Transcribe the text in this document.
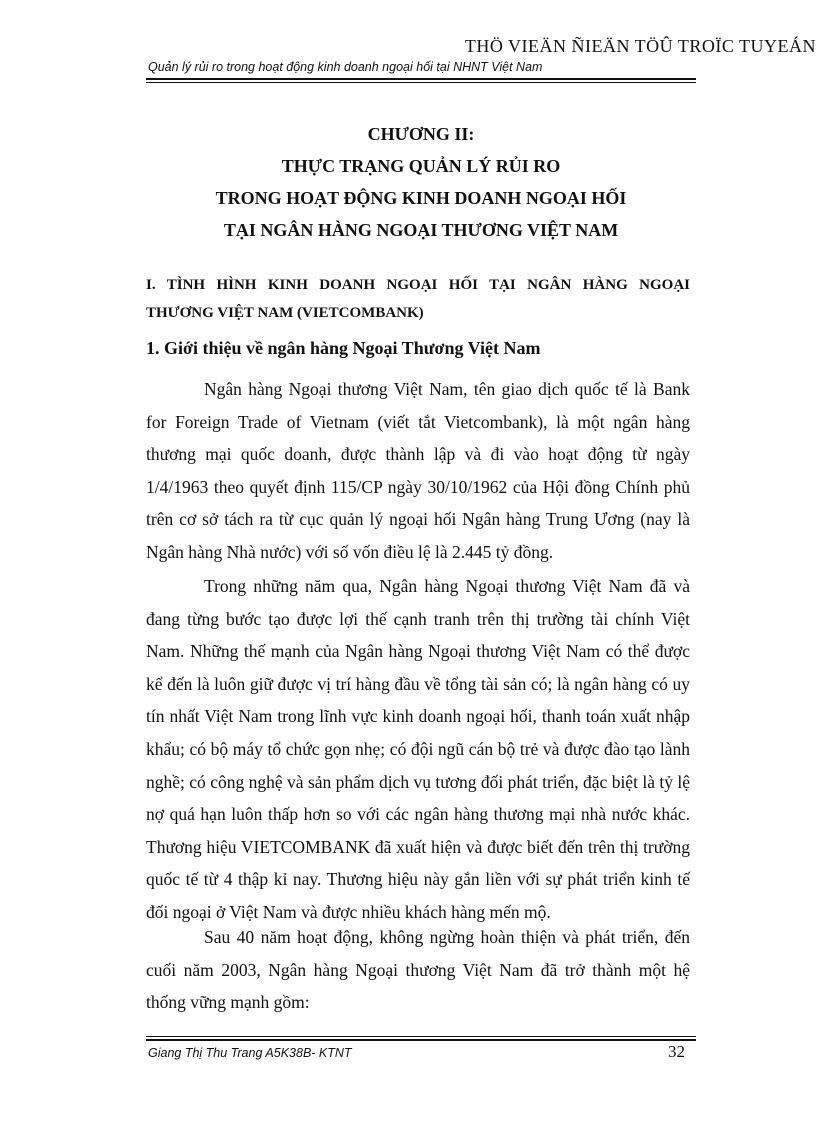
THÖ VIEÄN ÑIEÄN TÖÛ TROÏC TUYEÁN
Quản lý rủi ro trong hoạt động kinh doanh ngoại hối tại NHNT Việt Nam
CHƯƠNG II:
THỰC TRẠNG QUẢN LÝ RỦI RO
TRONG HOẠT ĐỘNG KINH DOANH NGOẠI HỐI
TẠI NGÂN HÀNG NGOẠI THƯƠNG VIỆT NAM
I. TÌNH HÌNH KINH DOANH NGOẠI HỐI TẠI NGÂN HÀNG NGOẠI
THƯƠNG VIỆT NAM (VIETCOMBANK)
1. Giới thiệu về ngân hàng Ngoại Thương Việt Nam

Ngân hàng Ngoại thương Việt Nam, tên giao dịch quốc tế là Bank for Foreign Trade of Vietnam (viết tắt Vietcombank), là một ngân hàng thương mại quốc doanh, được thành lập và đi vào hoạt động từ ngày 1/4/1963 theo quyết định 115/CP ngày 30/10/1962 của Hội đồng Chính phủ trên cơ sở tách ra từ cục quản lý ngoại hối Ngân hàng Trung Ương (nay là Ngân hàng Nhà nước) với số vốn điều lệ là 2.445 tỷ đồng.

Trong những năm qua, Ngân hàng Ngoại thương Việt Nam đã và đang từng bước tạo được lợi thế cạnh tranh trên thị trường tài chính Việt Nam. Những thế mạnh của Ngân hàng Ngoại thương Việt Nam có thể được kể đến là luôn giữ được vị trí hàng đầu về tổng tài sản có; là ngân hàng có uy tín nhất Việt Nam trong lĩnh vực kinh doanh ngoại hối, thanh toán xuất nhập khẩu; có bộ máy tổ chức gọn nhẹ; có đội ngũ cán bộ trẻ và được đào tạo lành nghề; có công nghệ và sản phẩm dịch vụ tương đối phát triển, đặc biệt là tỷ lệ nợ quá hạn luôn thấp hơn so với các ngân hàng thương mại nhà nước khác. Thương hiệu VIETCOMBANK đã xuất hiện và được biết đến trên thị trường quốc tế từ 4 thập kỉ nay. Thương hiệu này gắn liền với sự phát triển kinh tế đối ngoại ở Việt Nam và được nhiều khách hàng mến mộ.

Sau 40 năm hoạt động, không ngừng hoàn thiện và phát triển, đến cuối năm 2003, Ngân hàng Ngoại thương Việt Nam đã trở thành một hệ thống vững mạnh gồm:

Giang Thị Thu Trang A5K38B- KTNT	32
